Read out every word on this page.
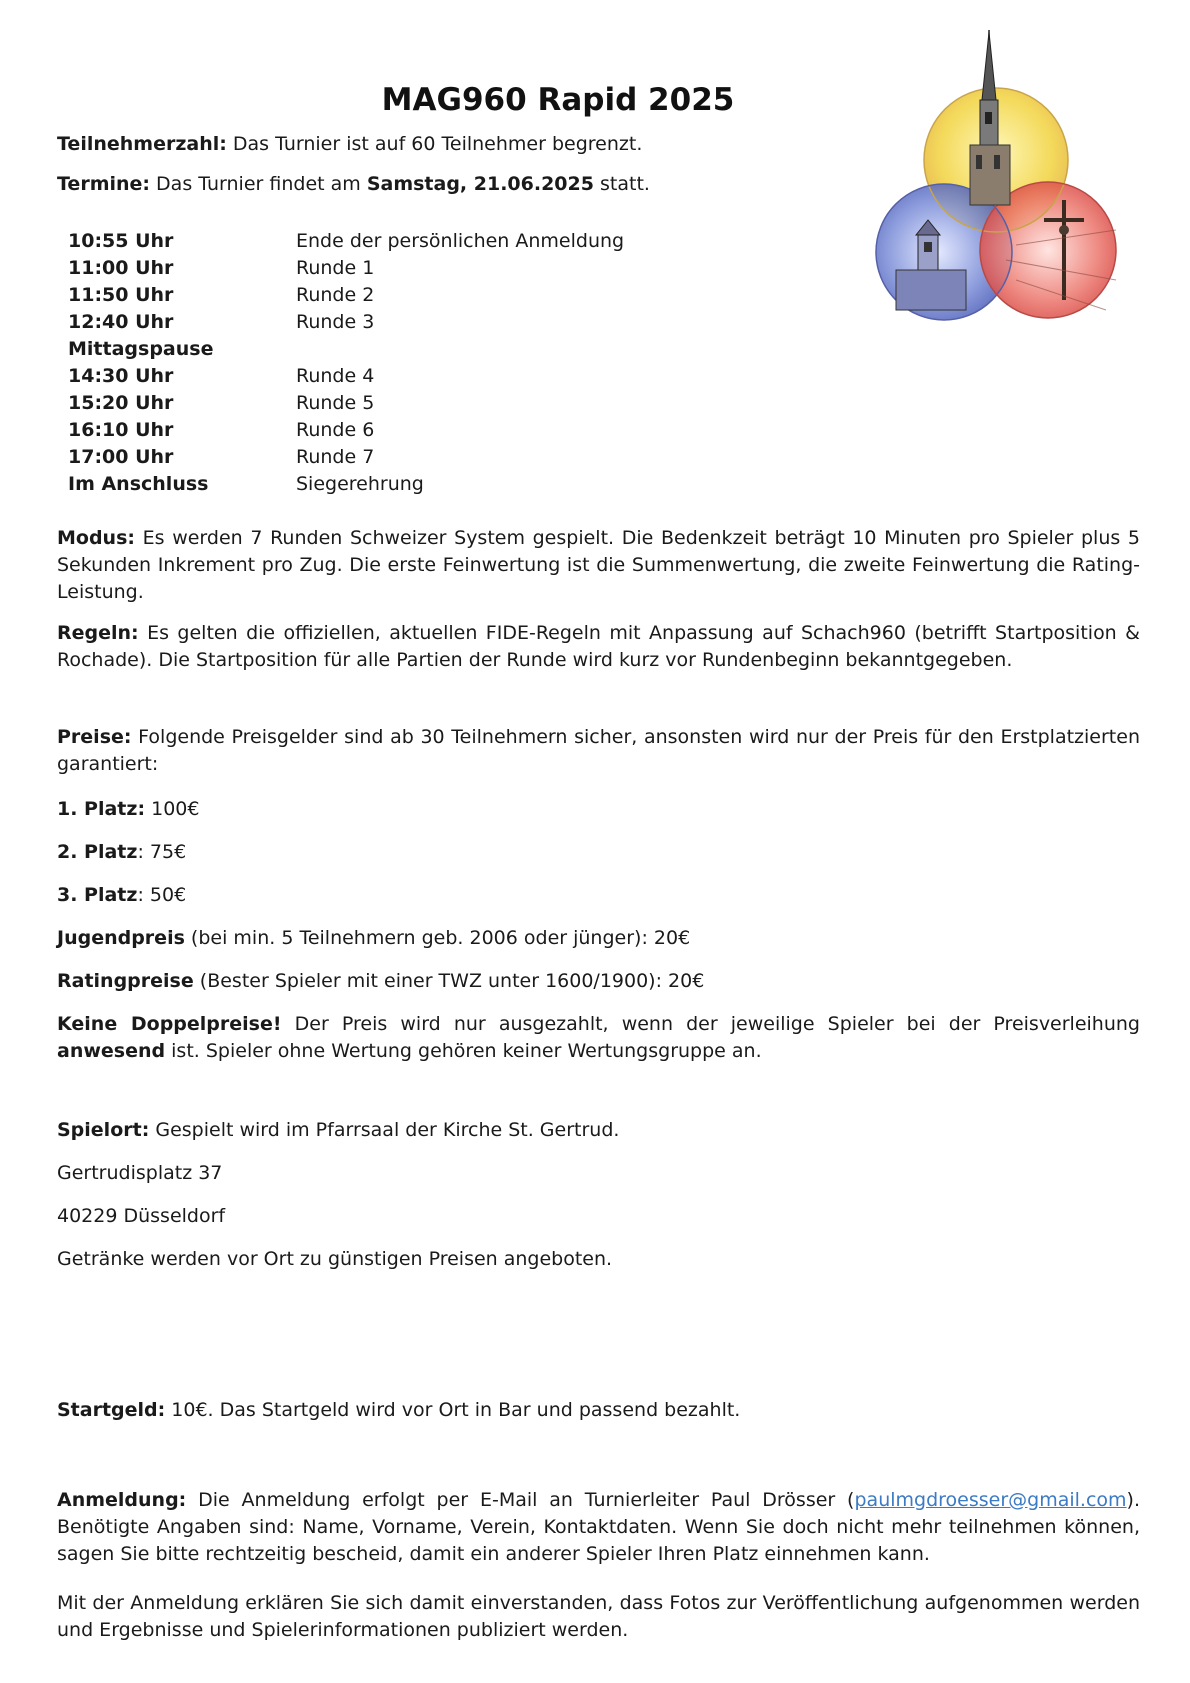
MAG960 Rapid 2025

Teilnehmerzahl: Das Turnier ist auf 60 Teilnehmer begrenzt.

Termine: Das Turnier findet am Samstag, 21.06.2025 statt.

10:55 Uhr	Ende der persönlichen Anmeldung
11:00 Uhr	Runde 1
11:50 Uhr	Runde 2
12:40 Uhr	Runde 3
Mittagspause	
14:30 Uhr	Runde 4
15:20 Uhr	Runde 5
16:10 Uhr	Runde 6
17:00 Uhr	Runde 7
Im Anschluss	Siegerehrung

Modus: Es werden 7 Runden Schweizer System gespielt. Die Bedenkzeit beträgt 10 Minuten pro Spieler plus 5 Sekunden Inkrement pro Zug. Die erste Feinwertung ist die Summenwertung, die zweite Feinwertung die Rating-Leistung.

Regeln: Es gelten die offiziellen, aktuellen FIDE-Regeln mit Anpassung auf Schach960 (betrifft Startposition & Rochade). Die Startposition für alle Partien der Runde wird kurz vor Rundenbeginn bekanntgegeben.

Preise: Folgende Preisgelder sind ab 30 Teilnehmern sicher, ansonsten wird nur der Preis für den Erstplatzierten garantiert:

1. Platz: 100€

2. Platz: 75€

3. Platz: 50€

Jugendpreis (bei min. 5 Teilnehmern geb. 2006 oder jünger): 20€

Ratingpreise (Bester Spieler mit einer TWZ unter 1600/1900): 20€

Keine Doppelpreise! Der Preis wird nur ausgezahlt, wenn der jeweilige Spieler bei der Preisverleihung anwesend ist. Spieler ohne Wertung gehören keiner Wertungsgruppe an.

Spielort: Gespielt wird im Pfarrsaal der Kirche St. Gertrud.

Gertrudisplatz 37

40229 Düsseldorf

Getränke werden vor Ort zu günstigen Preisen angeboten.

Startgeld: 10€. Das Startgeld wird vor Ort in Bar und passend bezahlt.

Anmeldung: Die Anmeldung erfolgt per E-Mail an Turnierleiter Paul Drösser (paulmgdroesser@gmail.com). Benötigte Angaben sind: Name, Vorname, Verein, Kontaktdaten. Wenn Sie doch nicht mehr teilnehmen können, sagen Sie bitte rechtzeitig bescheid, damit ein anderer Spieler Ihren Platz einnehmen kann.

Mit der Anmeldung erklären Sie sich damit einverstanden, dass Fotos zur Veröffentlichung aufgenommen werden und Ergebnisse und Spielerinformationen publiziert werden.
